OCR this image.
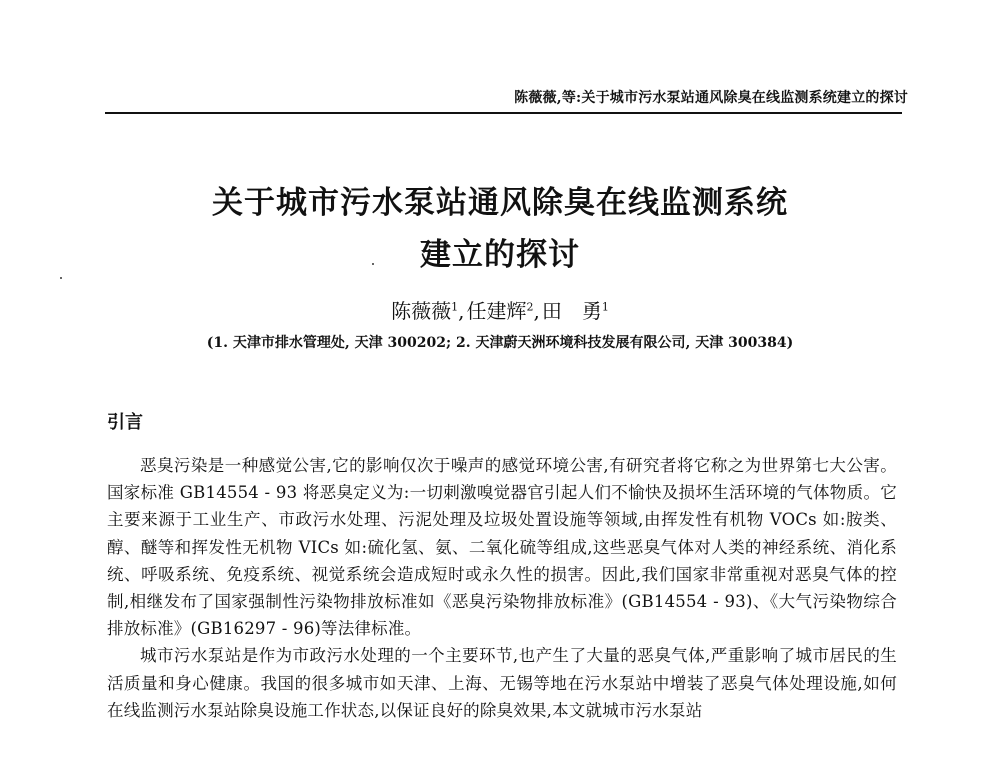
陈薇薇,等:关于城市污水泵站通风除臭在线监测系统建立的探讨
关于城市污水泵站通风除臭在线监测系统
建立的探讨
陈薇薇$^1$, 任建辉$^2$, 田　勇$^1$
(1. 天津市排水管理处, 天津 300202; 2. 天津蔚天洲环境科技发展有限公司, 天津 300384)
引言

恶臭污染是一种感觉公害,它的影响仅次于噪声的感觉环境公害,有研究者将它称之为世界第七大公害。国家标准 GB14554 - 93 将恶臭定义为:一切刺激嗅觉器官引起人们不愉快及损坏生活环境的气体物质。它主要来源于工业生产、市政污水处理、污泥处理及垃圾处置设施等领域,由挥发性有机物 VOCs 如:胺类、醇、醚等和挥发性无机物 VICs 如:硫化氢、氨、二氧化硫等组成,这些恶臭气体对人类的神经系统、消化系统、呼吸系统、免疫系统、视觉系统会造成短时或永久性的损害。因此,我们国家非常重视对恶臭气体的控制,相继发布了国家强制性污染物排放标准如《恶臭污染物排放标准》(GB14554 - 93)、《大气污染物综合排放标准》(GB16297 - 96)等法律标准。

城市污水泵站是作为市政污水处理的一个主要环节,也产生了大量的恶臭气体,严重影响了城市居民的生活质量和身心健康。我国的很多城市如天津、上海、无锡等地在污水泵站中增装了恶臭气体处理设施,如何在线监测污水泵站除臭设施工作状态,以保证良好的除臭效果,本文就城市污水泵站
